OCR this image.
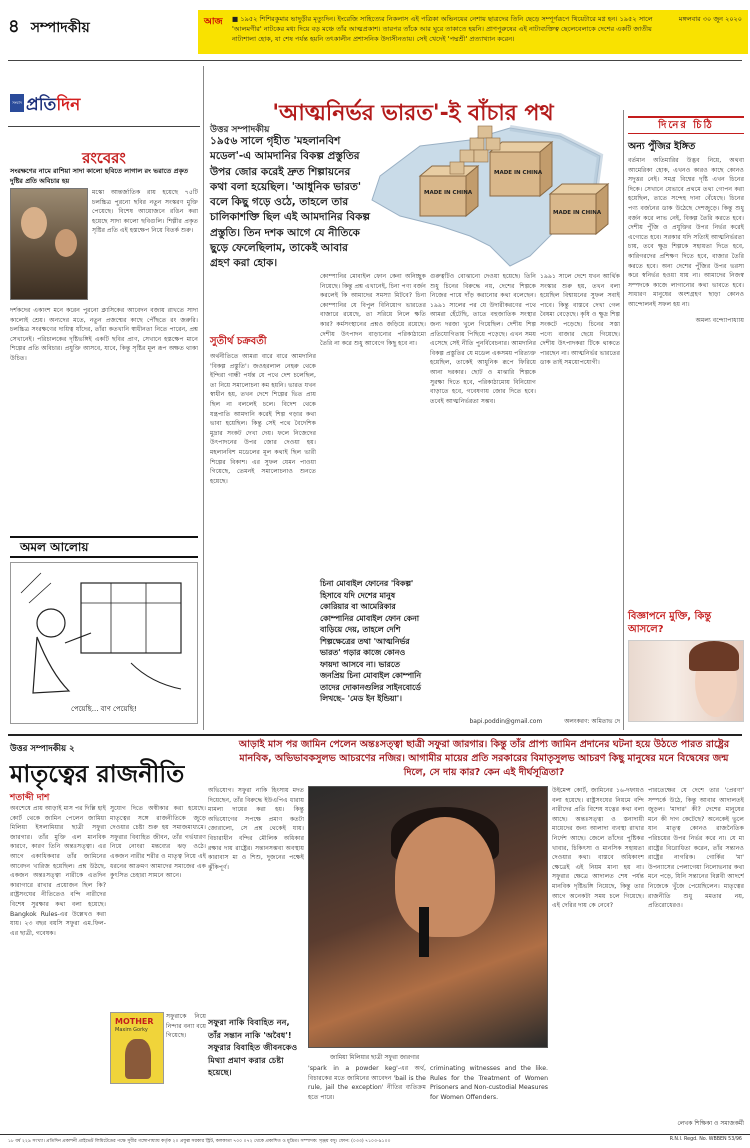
৪ সম্পাদকীয়	আজ ■ ১৯৫২ শিশিরকুমার ভাদুড়ীর মৃত্যুদিন। ইংরেজি সাহিত্যের নিকলাস এই পত্রিকা অভিনয়ের নেশায় ছাত্রদের তিনি ছেড়ে সম্পূর্ণরূপে থিয়েটারে মগ্ন হন। ১৯৫২ সালে 'আলমগীর' নাটকের মধ্য দিয়ে বড় মঞ্চে তাঁর আত্মপ্রকাশ। তারপর তাঁকে আর ঘুরে তাকাতে হয়নি। প্রাণপুরুষের এই নাট্যব্যক্তিত্ব ছেলেবেলাকে দেশের একটি জাতীয় নাট্যশালা হোক, যা শেষ পর্যন্ত হয়নি তৎকালীন প্রশাসনিক উদাসীনতায়। সেই খেদেই 'পদ্মশ্রী' প্রত্যাখ্যান করেন।
মঙ্গলবার ৩০ জুন ২০২০
সংবাদ প্রতিদিন
রংবেরং
সংরক্ষণের নামে রাশিয়া সাদা কালো ছবিতে লাগাল রং ভরাতে প্রকৃত দুষ্টির প্রতি অবিচার হয়
মস্কো আন্তর্জাতিক রায় হয়েছে ৭৫টি চলচ্চিত্র পুরনো ছবির নতুন সংস্করণ মুক্তি পেয়েছে। বিশেষ আয়োজনে রঙিন করা হয়েছে সাদা কালো ছবিগুলি। শিল্পীর প্রকৃত সৃষ্টির প্রতি এই হস্তক্ষেপ নিয়ে বিতর্ক শুরু।
দর্শকদের একাংশ মনে করেন পুরনো ক্লাসিকের আবেদন বজায় রাখতে সাদা কালোই শ্রেয়। অন্যদের মতে, নতুন প্রজন্মের কাছে পৌঁছতে রং জরুরি। চলচ্চিত্র সংরক্ষণের দায়িত্ব যাঁদের, তাঁরা কতখানি স্বাধীনতা নিতে পারেন, প্রশ্ন সেখানেই। পরিচালকের দৃষ্টিভঙ্গিই একটি ছবির প্রাণ, সেখানে হস্তক্ষেপ মানে শিল্পের প্রতি অবিচার। প্রযুক্তি আসবে, যাবে, কিন্তু সৃষ্টির মূল রূপ অক্ষত থাকা উচিত।
অমল আলোয়
পেয়েছি... বাণ পেয়েছি!
'আত্মনির্ভর ভারত'-ই বাঁচার পথ
উত্তর সম্পাদকীয়
১৯৫৬ সালে গৃহীত 'মহলানবিশ মডেল'-এ আমদানির বিকল্প প্রস্তুতির উপর জোর করেই দ্রুত শিল্পায়নের কথা বলা হয়েছিল। 'আধুনিক ভারত' বলে কিছু গড়ে ওঠে, তাহলে তার চালিকাশক্তি ছিল এই আমদানির বিকল্প প্রস্তুতি। তিন দশক আগে যে নীতিকে ছুড়ে ফেলেছিলাম, তাকেই আবার গ্রহণ করা হোক।
MADE IN CHINA
MADE IN CHINA
MADE IN CHINA
সুতীর্থ চক্রবর্তী
অর্থনীতিতে আমরা বারে বারে আমদানির 'বিকল্প প্রস্তুতি'। জওহরলাল নেহরু থেকে ইন্দিরা গান্ধী পর্যন্ত যে পথে দেশ চলেছিল, তা নিয়ে সমালোচনা কম হয়নি। ভারত যখন স্বাধীন হয়, তখন দেশে শিল্পের ভিত প্রায় ছিল না বললেই চলে। বিদেশ থেকে যন্ত্রপাতি আমদানি করেই শিল্প গড়ার কথা ভাবা হয়েছিল। কিন্তু সেই পথে বৈদেশিক মুদ্রার সংকট দেখা দেয়। ফলে নিজেদের উৎপাদনের উপর জোর দেওয়া হয়। মহলানবিশ মডেলের মূল কথাই ছিল ভারী শিল্পের বিকাশ। এর সুফল যেমন পাওয়া গিয়েছে, তেমনই সমালোচনাও শুনতে হয়েছে।
কোম্পানির মোবাইল ফোন কেনা অনিচ্ছুক নিয়েছে। কিন্তু প্রশ্ন এখানেই, চিনা পণ্য বর্জন করলেই কি আমাদের সমস্যা মিটবে? চিনা কোম্পানির যে বিপুল বিনিয়োগ ভারতের বাজারে রয়েছে, তা সরিয়ে নিলে ক্ষতি কার? কর্মসংস্থানের প্রশ্নও জড়িয়ে রয়েছে। দেশীয় উৎপাদন বাড়ানোর পরিকাঠামো তৈরি না করে শুধু আবেগে কিছু হবে না।
চিনা মোবাইল ফোনের 'বিকল্প' হিসাবে যদি দেশের মানুষ কোরিয়ার বা আমেরিকার কোম্পানির মোবাইল ফোন কেনা বাড়িয়ে দেয়, তাহলে দেশি শিল্পক্ষেত্রের তথা 'আত্মনির্ভর ভারত' গড়ার কাজে কোনও ফায়দা আসবে না। ভারতে জনপ্রিয় চিনা মোবাইল কোম্পানি তাদের দোকানগুলির সাইনবোর্ডে লিখছে– 'মেড ইন ইন্ডিয়া'।
গুরুত্বটিও বোঝানো দেওয়া হয়েছে। তিনি শুধু চিনের বিরুদ্ধে নয়, দেশের শিল্পকে নিজের পায়ে দাঁড় করানোর কথা বলেছেন। ১৯৯১ সালের পর যে উদারীকরণের পথে আমরা হেঁটেছি, তাতে বহুজাতিক সংস্থার জন্য দরজা খুলে গিয়েছিল। দেশীয় শিল্প প্রতিযোগিতায় পিছিয়ে পড়েছে। এখন সময় এসেছে সেই নীতি পুনর্বিবেচনার। আমদানির বিকল্প প্রস্তুতির যে মডেল একসময় পরিত্যক্ত হয়েছিল, তাকেই আধুনিক রূপে ফিরিয়ে আনা দরকার। ছোট ও মাঝারি শিল্পকে সুরক্ষা দিতে হবে, পরিকাঠামোয় বিনিয়োগ বাড়াতে হবে, গবেষণায় জোর দিতে হবে। তবেই আত্মনির্ভরতা সম্ভব।
১৯৯১ সালে দেশে যখন আর্থিক সংস্কার শুরু হয়, তখন বলা হয়েছিল বিশ্বায়নের সুফল সবাই পাবে। কিন্তু বাস্তবে দেখা গেল বৈষম্য বেড়েছে। কৃষি ও ক্ষুদ্র শিল্প সংকটে পড়েছে। চিনের সস্তা পণ্যে বাজার ছেয়ে গিয়েছে। দেশীয় উৎপাদকরা টিকে থাকতে পারছেন না। আত্মনির্ভর ভারতের ডাক তাই সময়োপযোগী।
bapi.poddin@gmail.com	অলংকরণ: অমিতাভ দে
দিনের চিঠি
অন্য পুঁজির ইঙ্গিত
বর্তমান অতিমারির উদ্ভব নিয়ে, অথবা আমেরিকা হোক, এখনও কারও কাছে কোনও সদুত্তর নেই। সমগ্র বিশ্বের দৃষ্টি এখন চিনের দিকে। সেখানে যেভাবে প্রথমে তথ্য গোপন করা হয়েছিল, তাতে সন্দেহ দানা বেঁধেছে। চিনের পণ্য বর্জনের ডাক উঠেছে দেশজুড়ে। কিন্তু শুধু বর্জন করে লাভ নেই, বিকল্প তৈরি করতে হবে। দেশীয় পুঁজি ও প্রযুক্তির উপর নির্ভর করেই এগোতে হবে। সরকার যদি সত্যিই আত্মনির্ভরতা চায়, তবে ক্ষুদ্র শিল্পকে সহায়তা দিতে হবে, কারিগরদের প্রশিক্ষণ দিতে হবে, বাজার তৈরি করতে হবে। অন্য দেশের পুঁজির উপর ভরসা করে স্বনির্ভর হওয়া যায় না। আমাদের নিজস্ব সম্পদকে কাজে লাগানোর কথা ভাবতে হবে। সাধারণ মানুষের অংশগ্রহণ ছাড়া কোনও আন্দোলনই সফল হয় না।
অমল্য বন্দ্যোপাধ্যায়
বিজ্ঞাপনে মুক্তি, কিন্তু আসলে?
উত্তর সম্পাদকীয় ২
মাতৃত্বের রাজনীতি
শতাব্দী দাশ
অবশেষে প্রায় আড়াই মাস পর দিল্লি হাই কোর্ট থেকে জামিন পেলেন জামিয়া মিলিয়া ইসলামিয়ার ছাত্রী সফুরা জারগার। তাঁর মুক্তি এল মানবিক কারণে, কারণ তিনি অন্তঃসত্ত্বা। এর আগে একাধিকবার তাঁর জামিনের আবেদন খারিজ হয়েছিল। প্রশ্ন উঠছে, একজন অন্তঃসত্ত্বা নারীকে এতদিন কারাগারে রাখার প্রয়োজন ছিল কি? রাষ্ট্রসংঘের নীতিতেও বন্দি নারীদের বিশেষ সুরক্ষার কথা বলা হয়েছে। Bangkok Rules-এর উল্লেখও করা যায়। ২৩ বছর বয়সি সফুরা এম.ফিল-এর ছাত্রী, গবেষক।
সুযোগ দিতে অস্বীকার করা হয়েছে। মাতৃত্বের সঙ্গে রাজনীতিকে জুড়ে দেওয়ার চেষ্টা শুরু হয় সমাজমাধ্যমে। সফুরার বিবাহিত জীবন, তাঁর গর্ভধারণ নিয়ে নোংরা মন্তব্যের ঝড় ওঠে। একজন নারীর শরীর ও মাতৃত্ব নিয়ে এই ধরনের আক্রমণ আমাদের সমাজের এক কুৎসিত চেহারা সামনে আনে।
MOTHER
Maxim Gorky
সফুরাকে নিয়ে নিন্দার বন্যা বয়ে গিয়েছে।
আড়াই মাস পর জামিন পেলেন অন্তঃসত্ত্বা ছাত্রী সফুরা জারগার। কিন্তু তাঁর প্রাপ্য জামিন প্রদানের ঘটনা হয়ে উঠতে পারত রাষ্ট্রের মানবিক, অভিভাবকসুলভ আচরণের নজির। আগামীর মায়ের প্রতি সরকারের বিমাতৃসুলভ আচরণ কিছু মানুষের মনে বিদ্বেষের জন্ম দিলে, সে দায় কার? কেন এই দীর্ঘসূত্রিতা?
অভিযোগ। সফুরা নাকি হিংসায় মদত দিয়েছেন, তাঁর বিরুদ্ধে ইউএপিএ ধারায় মামলা দায়ের করা হয়। কিন্তু অভিযোগের সপক্ষে প্রমাণ কতটা জোরালো, সে প্রশ্ন থেকেই যায়। বিচারাধীন বন্দির মৌলিক অধিকার রক্ষার দায় রাষ্ট্রের। সন্তানসম্ভবা অবস্থায় কারাবাস মা ও শিশু, দুজনের পক্ষেই ঝুঁকিপূর্ণ।
সফুরা নাকি বিবাহিত নন, তাঁর সন্তান নাকি 'অবৈধ'! সফুরার বিবাহিত জীবনকেও মিথ্যা প্রমাণ করার চেষ্টা হয়েছে।
জামিয়া মিলিয়ার ছাত্রী সফুরা জারগার
'spark in a powder keg'-এর অর্থ, বিচারকের মতে জামিনের আবেদন 'bail is the rule, jail the exception' নীতির ব্যতিক্রম হতে পারে।
criminating witnesses and the like. Rules for the Treatment of Women Prisoners and Non-custodial Measures for Women Offenders.
উইমেন্স কোর্ট, জামিনের ১৬-দফায়ও বলা হয়েছে। রাষ্ট্রসংঘের নিয়মে বন্দি নারীদের প্রতি বিশেষ যত্নের কথা বলা আছে। অন্তঃসত্ত্বা ও স্তন্যদায়ী মায়েদের জন্য আলাদা ব্যবস্থা রাখার নির্দেশ আছে। জেলে তাঁদের পুষ্টিকর খাবার, চিকিৎসা ও মানসিক সহায়তা দেওয়ার কথা। বাস্তবে অধিকাংশ ক্ষেত্রেই এই নিয়ম মানা হয় না। সফুরার ক্ষেত্রে আদালত শেষ পর্যন্ত মানবিক দৃষ্টিভঙ্গি নিয়েছে, কিন্তু তার আগে অনেকটা সময় চলে গিয়েছে। এই দেরির দায় কে নেবে?
পারতেক্ষের যে দেশে তার 'প্রেরণা' সম্পর্কে উঠে, কিন্তু আবার আদালতই জুড়ল। 'মাদার' কী? দেশের মানুষের মনে কী দাগ কেটেছে? অনেকেই ভুলে যান মাতৃত্ব কোনও রাজনৈতিক পরিচয়ের উপর নির্ভর করে না। যে মা রাষ্ট্রের বিরোধিতা করেন, তাঁর সন্তানও রাষ্ট্রের নাগরিক। গোর্কির 'মা' উপন্যাসের পেলাগেয়া নিলোভনার কথা মনে পড়ে, যিনি সন্তানের বিপ্লবী আদর্শে নিজেকে খুঁজে পেয়েছিলেন। মাতৃত্বের রাজনীতি শুধু মমতার নয়, প্রতিরোধেরও।
লেখক শিক্ষিকা ও সমাজকর্মী
১৮ বর্ষ ২২৯ সংখ্যা। প্রতিদিন প্রকাশনী প্রাইভেট লিমিটেডের পক্ষে সুবীর গঙ্গোপাধ্যায় কর্তৃক ২০ প্রফুল্ল সরকার স্ট্রিট, কলকাতা ৭০০ ০৭২ থেকে প্রকাশিত ও মুদ্রিত। সম্পাদক: সৃঞ্জয় বসু। ফোন: (০৩৩) ৭১০৩-৯১০০	R.N.I. Regd. No. WBBEN 53/96
